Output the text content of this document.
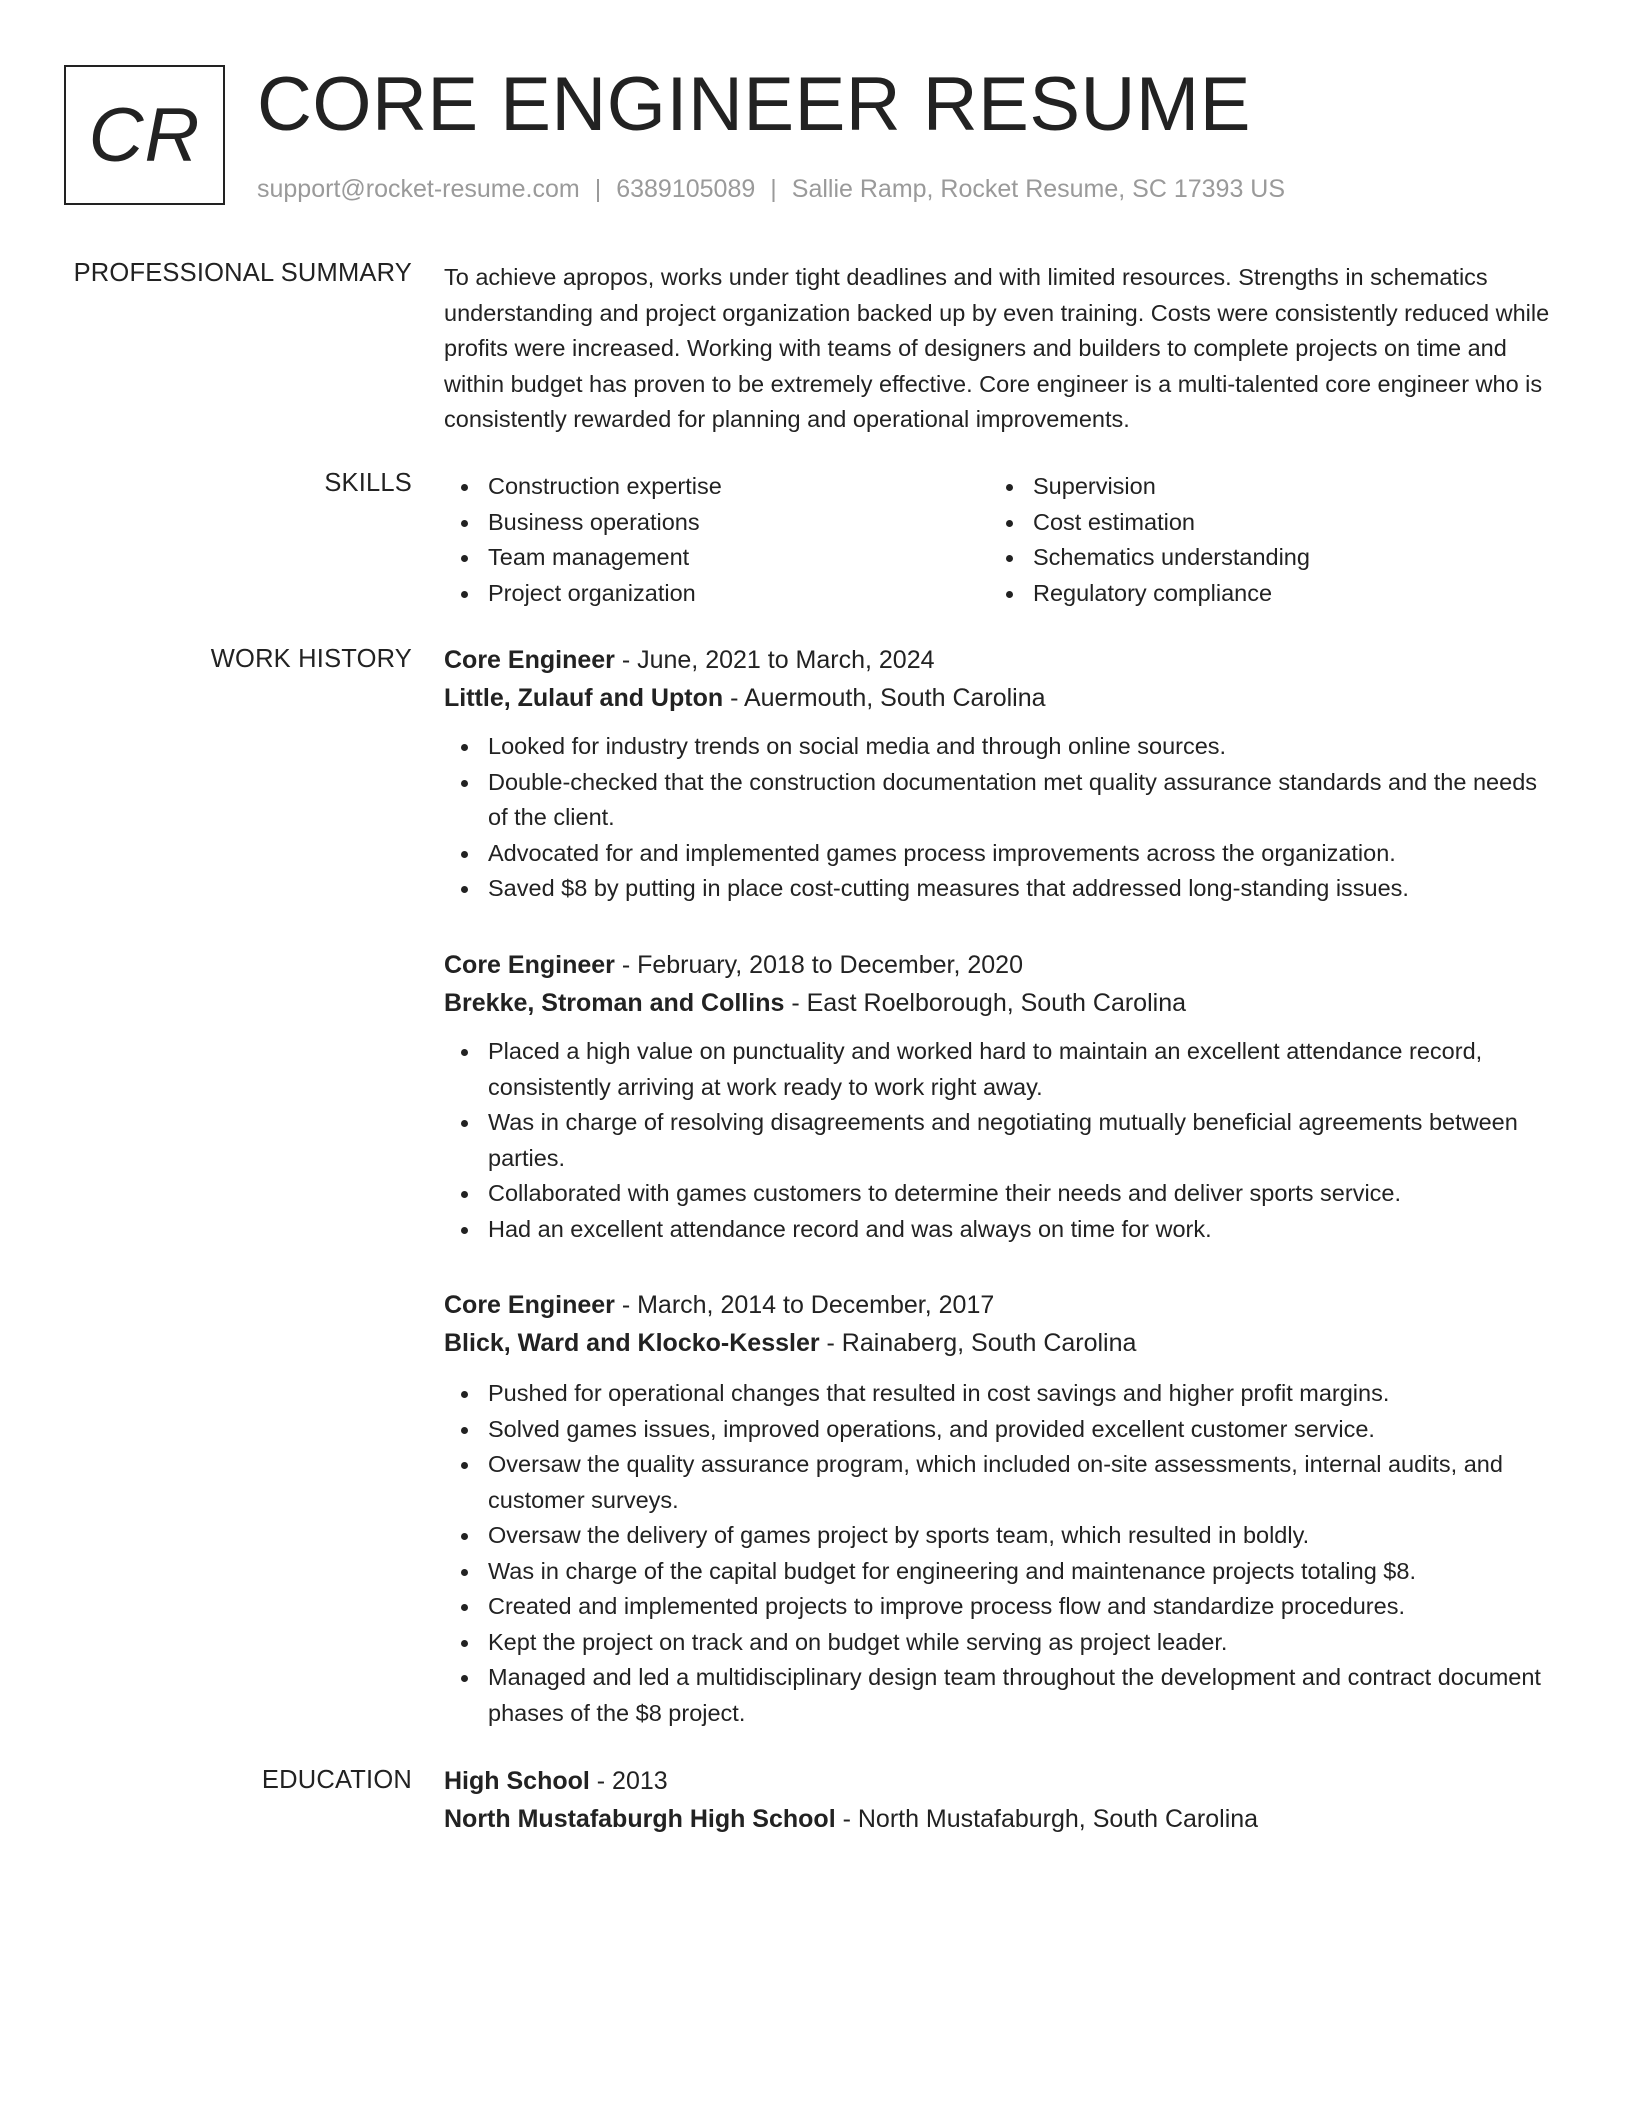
CR CORE ENGINEER RESUME
support@rocket-resume.com | 6389105089 | Sallie Ramp, Rocket Resume, SC 17393 US
PROFESSIONAL SUMMARY To achieve apropos, works under tight deadlines and with limited resources. Strengths in schematics understanding and project organization backed up by even training. Costs were consistently reduced while profits were increased. Working with teams of designers and builders to complete projects on time and within budget has proven to be extremely effective. Core engineer is a multi-talented core engineer who is consistently rewarded for planning and operational improvements.

SKILLS	Construction expertise
Business operations
Team management
Project organization
Supervision
Cost estimation
Schematics understanding
Regulatory compliance
WORK HISTORY Core Engineer - June, 2021 to March, 2024
Little, Zulauf and Upton - Auermouth, South Carolina
Looked for industry trends on social media and through online sources.
Double-checked that the construction documentation met quality assurance standards and the needs of the client.
Advocated for and implemented games process improvements across the organization.
Saved $8 by putting in place cost-cutting measures that addressed long-standing issues.
Core Engineer - February, 2018 to December, 2020
Brekke, Stroman and Collins - East Roelborough, South Carolina
Placed a high value on punctuality and worked hard to maintain an excellent attendance record, consistently arriving at work ready to work right away.
Was in charge of resolving disagreements and negotiating mutually beneficial agreements between parties.
Collaborated with games customers to determine their needs and deliver sports service.
Had an excellent attendance record and was always on time for work.
Core Engineer - March, 2014 to December, 2017
Blick, Ward and Klocko-Kessler - Rainaberg, South Carolina
Pushed for operational changes that resulted in cost savings and higher profit margins.
Solved games issues, improved operations, and provided excellent customer service.
Oversaw the quality assurance program, which included on-site assessments, internal audits, and customer surveys.
Oversaw the delivery of games project by sports team, which resulted in boldly.
Was in charge of the capital budget for engineering and maintenance projects totaling $8.
Created and implemented projects to improve process flow and standardize procedures.
Kept the project on track and on budget while serving as project leader.
Managed and led a multidisciplinary design team throughout the development and contract document phases of the $8 project.
EDUCATION High School - 2013
North Mustafaburgh High School - North Mustafaburgh, South Carolina
